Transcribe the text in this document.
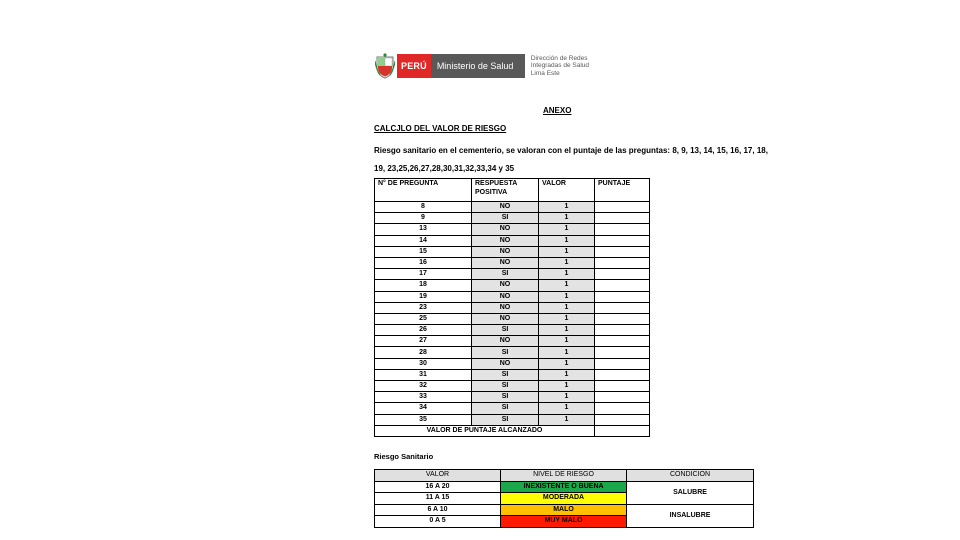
PERÚ	Ministerio de Salud
Dirección de Redes
Integradas de Salud
Lima Este
ANEXO
CALCJLO DEL VALOR DE RIESGO
Riesgo sanitario en el cementerio, se valoran con el puntaje de las preguntas: 8, 9, 13, 14, 15, 16, 17, 18, 19, 23,25,26,27,28,30,31,32,33,34 y 35
N° DE PREGUNTA	RESPUESTA POSITIVA	VALOR	PUNTAJE
8	NO	1	
9	SI	1	
13	NO	1	
14	NO	1	
15	NO	1	
16	NO	1	
17	SI	1	
18	NO	1	
19	NO	1	
23	NO	1	
25	NO	1	
26	SI	1	
27	NO	1	
28	SI	1	
30	NO	1	
31	SI	1	
32	SI	1	
33	SI	1	
34	SI	1	
35	SI	1	
VALOR DE PUNTAJE ALCANZADO			
Riesgo Sanitario
VALOR	NIVEL DE RIESGO	CONDICION
16 A 20	INEXISTENTE O BUENA	SALUBRE
11 A 15	MODERADA	
6 A 10	MALO	INSALUBRE
0 A 5	MUY MALO	
